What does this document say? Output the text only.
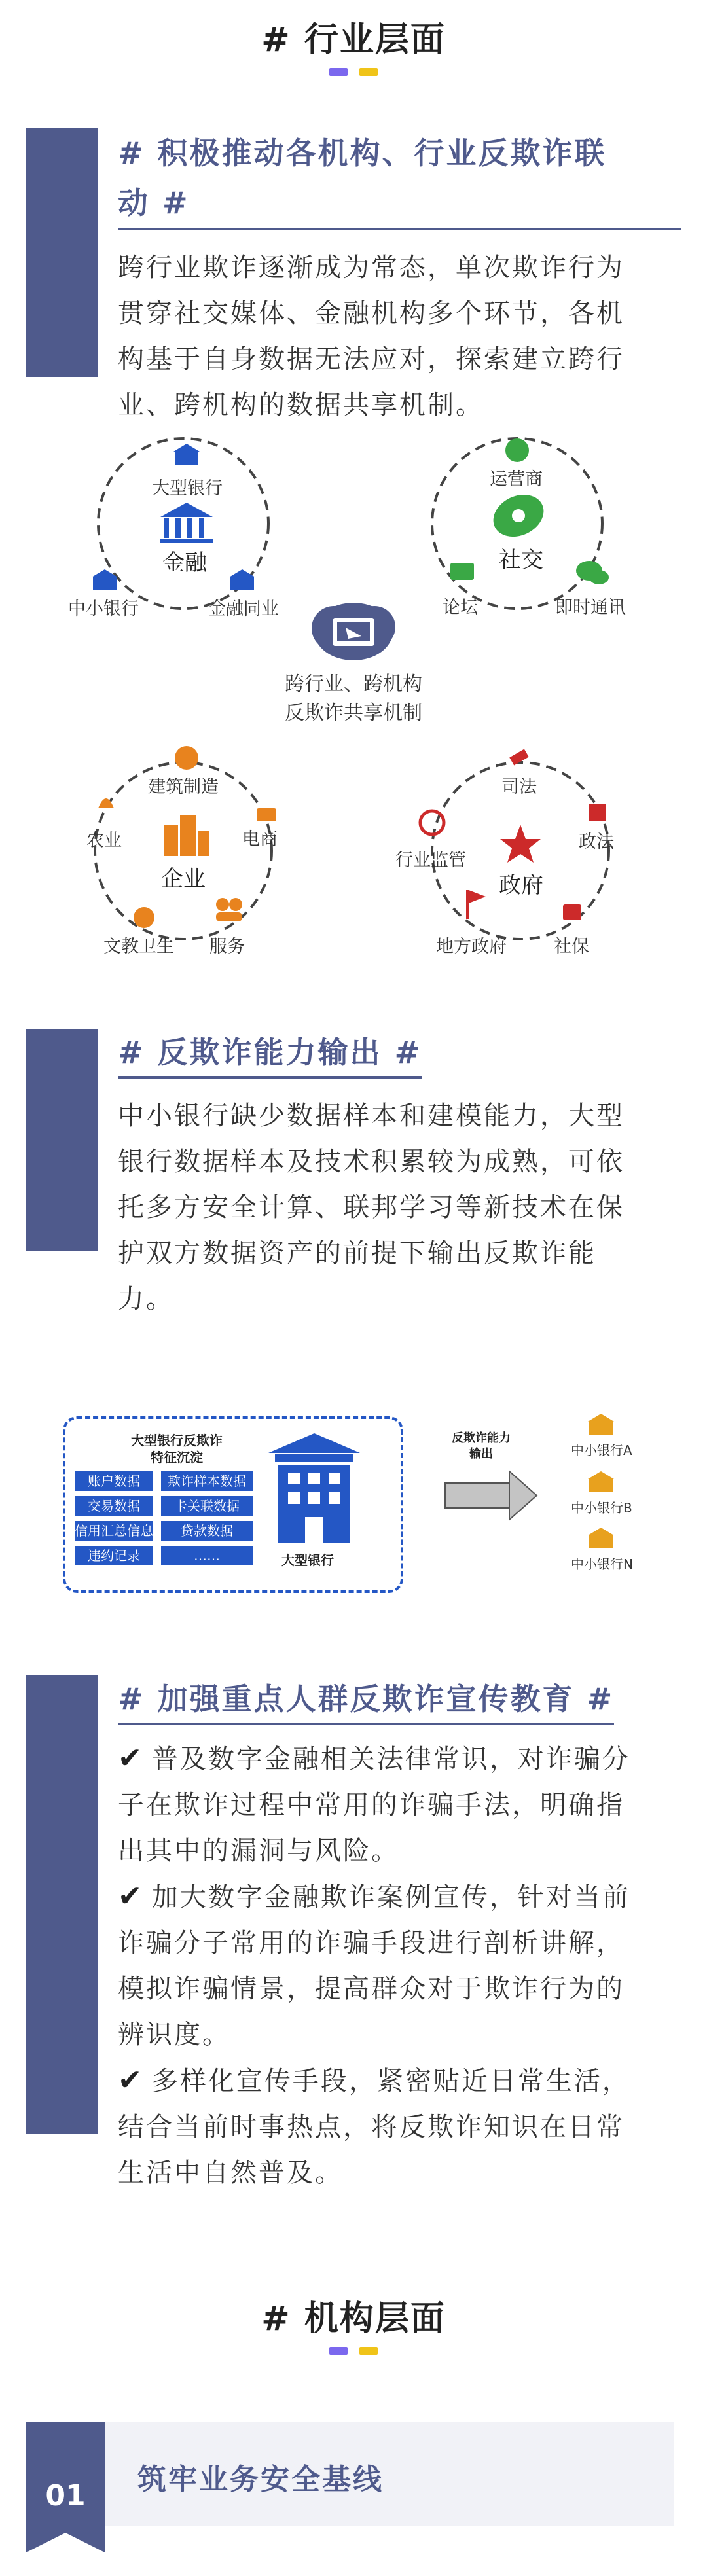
# 行业层面
# 积极推动各机构、行业反欺诈联
动 #
跨行业欺诈逐渐成为常态，单次欺诈行为
贯穿社交媒体、金融机构多个环节，各机
构基于自身数据无法应对，探索建立跨行
业、跨机构的数据共享机制。
大型银行
金融
中小银行	金融同业
运营商
社交
论坛	即时通讯
跨行业、跨机构
反欺诈共享机制
建筑制造
企业
农业	电商
文教卫生 服务
司法
政府
政法
行业监管
地方政府	社保
# 反欺诈能力输出 #
中小银行缺少数据样本和建模能力，大型
银行数据样本及技术积累较为成熟，可依
托多方安全计算、联邦学习等新技术在保
护双方数据资产的前提下输出反欺诈能
力。
大型银行反欺诈
特征沉淀
账户数据	欺诈样本数据
交易数据	卡关联数据
信用汇总信息	贷款数据
违约记录	……	大型银行
反欺诈能力
输出	中小银行A
中小银行B
中小银行N
# 加强重点人群反欺诈宣传教育 #
✔ 普及数字金融相关法律常识，对诈骗分
子在欺诈过程中常用的诈骗手法，明确指
出其中的漏洞与风险。
✔ 加大数字金融欺诈案例宣传，针对当前
诈骗分子常用的诈骗手段进行剖析讲解，
模拟诈骗情景，提高群众对于欺诈行为的
辨识度。
✔ 多样化宣传手段，紧密贴近日常生活，
结合当前时事热点，将反欺诈知识在日常
生活中自然普及。
# 机构层面
01	筑牢业务安全基线
